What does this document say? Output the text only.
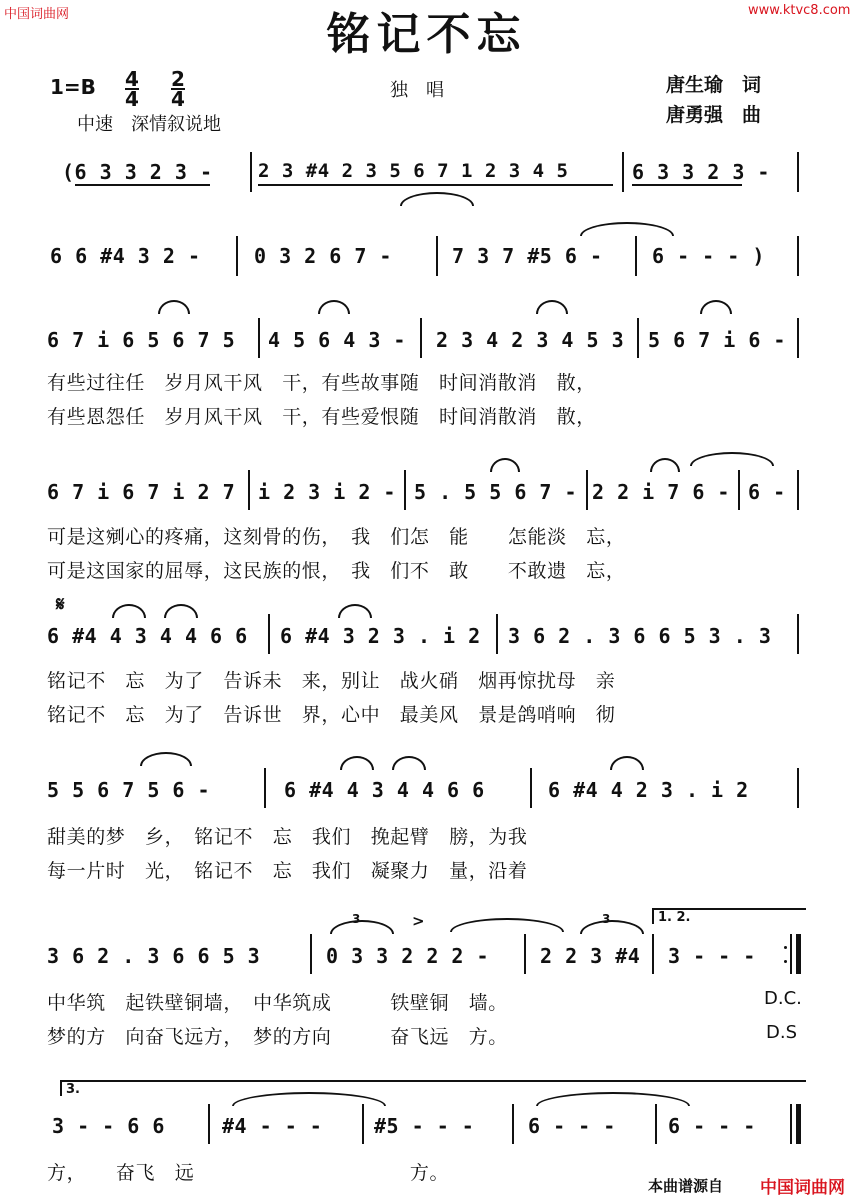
中国词曲网	www.ktvc8.com
铭记不忘
1=B 4
4
2
4
中速　深情叙说地
独　唱	唐生瑜　词
唐勇强　曲
(6 3 3 2 3 - 2 3 #4 2 3 5 6 7 1 2 3 4 5	6 3 3 2 3 -
6 6 #4 3 2 -	0 3 2 6 7 -	7 3 7 #5 6 - 6 - - - )
6 7 i 6 5 6 7 5 4 5 6 4 3 - 2 3 4 2 3 4 5 3 5 6 7 i 6 -
有些过往任　岁月风干风　干，有些故事随　时间消散消　散，
有些恩怨任　岁月风干风　干，有些爱恨随　时间消散消　散，
6 7 i 6 7 i 2 7 i 2 3 i 2 - 5 . 5 5 6 7 - 2 2 i 7 6 - 6 -
可是这剜心的疼痛，这刻骨的伤，　我　们怎　能　　怎能淡　忘，
可是这国家的屈辱，这民族的恨，　我　们不　敢　　不敢遗　忘，
𝄋
6 #4 4 3 4 4 6 6 6 #4 3 2 3 . i 2 3 6 2 . 3 6 6 5 3 . 3
铭记不　忘　为了　告诉未　来，别让　战火硝　烟再惊扰母　亲
铭记不　忘　为了　告诉世　界，心中　最美风　景是鸽哨响　彻
5 5 6 7 5 6 -	6 #4 4 3 4 4 6 6	6 #4 4 2 3 . i 2
甜美的梦　乡，　铭记不　忘　我们　挽起臂　膀，为我
每一片时　光，　铭记不　忘　我们　凝聚力　量，沿着
1. 2.
3	3
>
3 6 2 . 3 6 6 5 3	0 3 3 2 2 2 -	2 2 3 #4 3 - - -
中华筑　起铁壁铜墙，　中华筑成　　　铁壁铜　墙。
梦的方　向奋飞远方，　梦的方向　　　奋飞远　方。
D.C.
D.S
3.
3 - - 6 6	#4 - - -	#5 - - -	6 - - -	6 - - -
方，　　奋飞　远　　　　　　　　　　　方。
本曲谱源自 中国词曲网
